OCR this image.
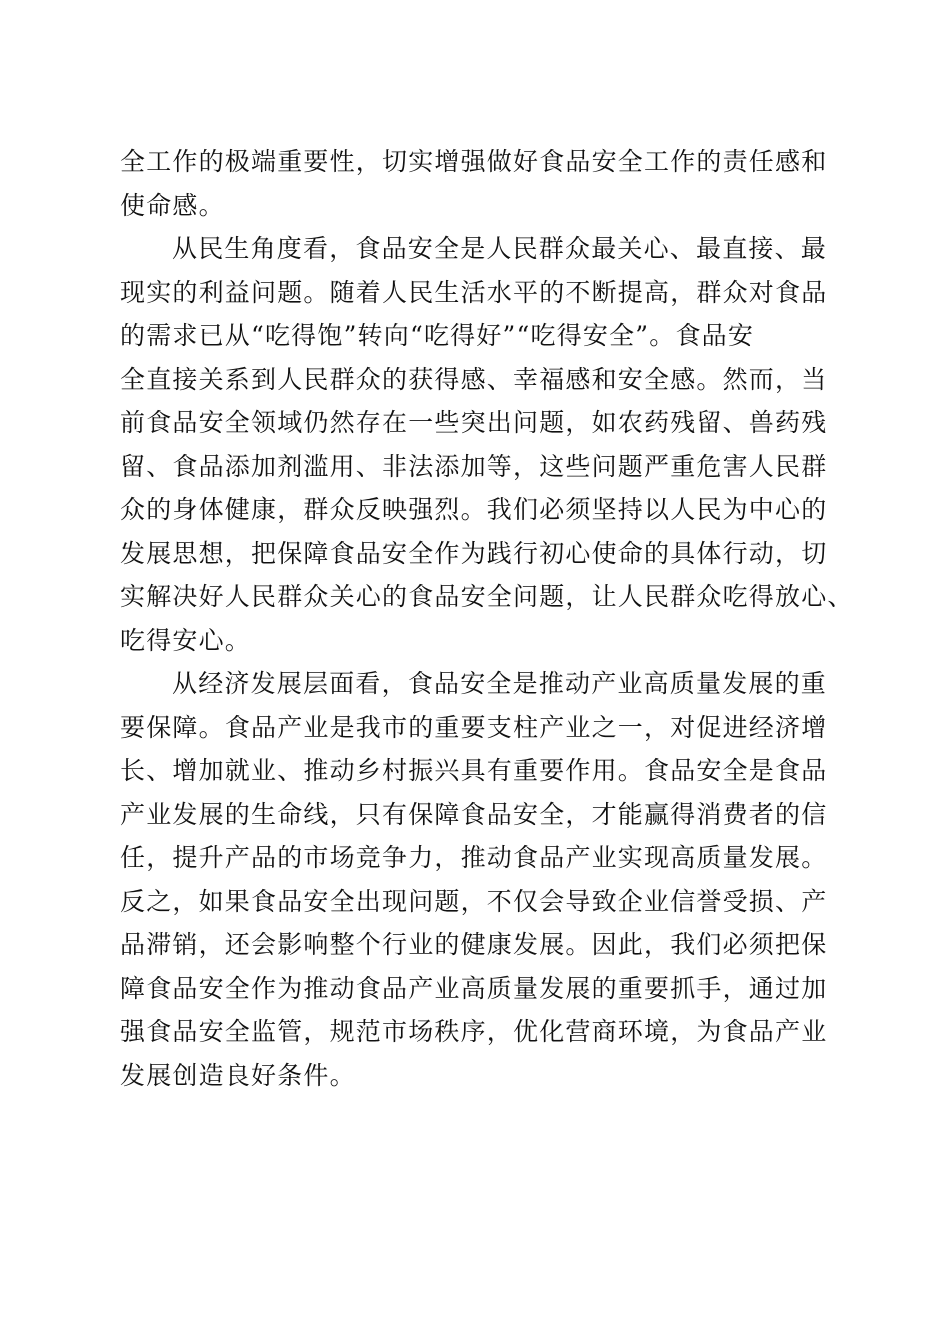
全工作的极端重要性，切实增强做好食品安全工作的责任感和
使命感。
从民生角度看，食品安全是人民群众最关心、最直接、最
现实的利益问题。随着人民生活水平的不断提高，群众对食品
的需求已从“吃得饱”转向“吃得好”“吃得安全”。食品安
全直接关系到人民群众的获得感、幸福感和安全感。然而，当
前食品安全领域仍然存在一些突出问题，如农药残留、兽药残
留、食品添加剂滥用、非法添加等，这些问题严重危害人民群
众的身体健康，群众反映强烈。我们必须坚持以人民为中心的
发展思想，把保障食品安全作为践行初心使命的具体行动，切
实解决好人民群众关心的食品安全问题，让人民群众吃得放心、
吃得安心。
从经济发展层面看，食品安全是推动产业高质量发展的重
要保障。食品产业是我市的重要支柱产业之一，对促进经济增
长、增加就业、推动乡村振兴具有重要作用。食品安全是食品
产业发展的生命线，只有保障食品安全，才能赢得消费者的信
任，提升产品的市场竞争力，推动食品产业实现高质量发展。
反之，如果食品安全出现问题，不仅会导致企业信誉受损、产
品滞销，还会影响整个行业的健康发展。因此，我们必须把保
障食品安全作为推动食品产业高质量发展的重要抓手，通过加
强食品安全监管，规范市场秩序，优化营商环境，为食品产业
发展创造良好条件。
